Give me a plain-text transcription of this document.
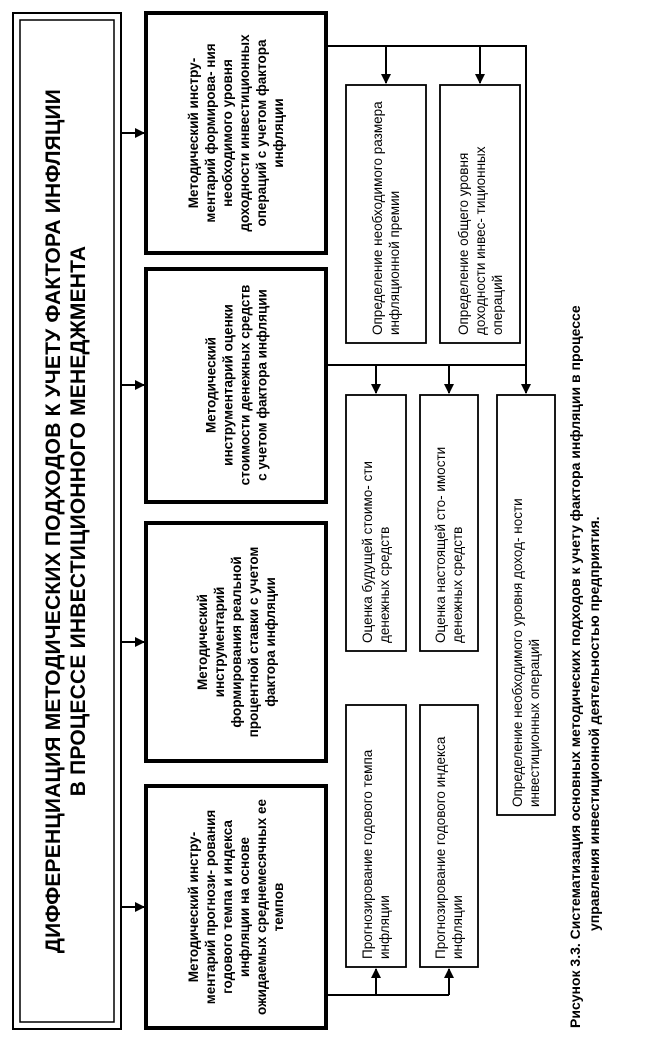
ДИФФЕРЕНЦИАЦИЯ МЕТОДИЧЕСКИХ ПОДХОДОВ К УЧЕТУ ФАКТОРА ИНФЛЯЦИИ В ПРОЦЕССЕ ИНВЕСТИЦИОННОГО МЕНЕДЖМЕНТА
Методический инстру- ментарий прогнози- рования годового темпа и индекса инфляции на основе ожидаемых среднемесячных ее темпов
Методический инструментарий формирования реальной процентной ставки с учетом фактора инфляции
Методический инструментарий оценки стоимости денежных средств с учетом фактора инфляции
Методический инстру- ментарий формирова- ния необходимого уровня доходности инвестиционных операций с учетом фактора инфляции
Прогнозирование годового темпа инфляции	Прогнозирование годового индекса инфляции
Оценка будущей стоимо- сти денежных средств	Оценка настоящей сто- имости денежных средств	Определение необходимого уровня доход- ности инвестиционных операций
Определение необходимого размера инфляционной премии	Определение общего уровня доходности инвес- тиционных операций
Рисунок 3.3. Систематизация основных методических подходов к учету фактора инфляции в процессе управления инвестиционной деятельностью предприятия.
